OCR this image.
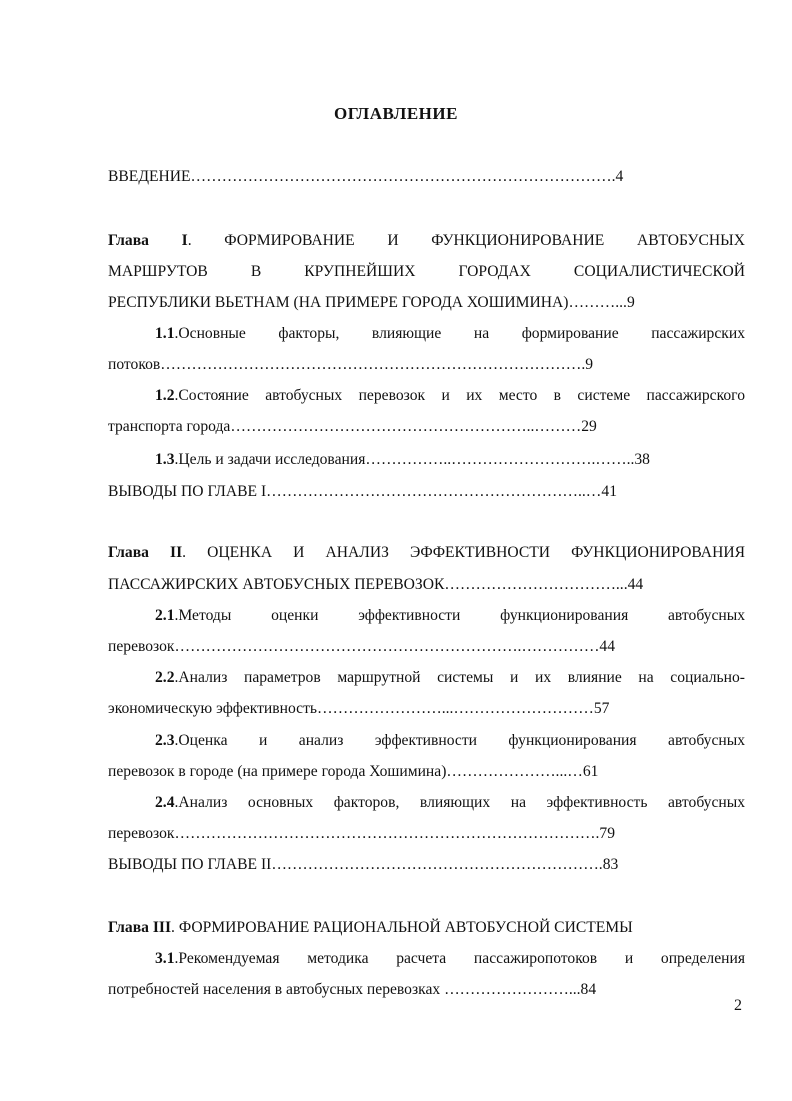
ОГЛАВЛЕНИЕ
ВВЕДЕНИЕ……………………………………………………………………….4
Глава I. ФОРМИРОВАНИЕ И ФУНКЦИОНИРОВАНИЕ АВТОБУСНЫХ
МАРШРУТОВ В КРУПНЕЙШИХ ГОРОДАХ СОЦИАЛИСТИЧЕСКОЙ
РЕСПУБЛИКИ ВЬЕТНАМ (НА ПРИМЕРЕ ГОРОДА ХОШИМИНА)………...9
1.1.Основные факторы, влияющие на формирование пассажирских
потоков……………………………………………………………………….9
1.2.Состояние автобусных перевозок и их место в системе пассажирского
транспорта города…………………………………………………..………29
1.3.Цель и задачи исследования……………..……………………….……..38
ВЫВОДЫ ПО ГЛАВЕ I……………………………………………………..…41
Глава II. ОЦЕНКА И АНАЛИЗ ЭФФЕКТИВНОСТИ ФУНКЦИОНИРОВАНИЯ
ПАССАЖИРСКИХ АВТОБУСНЫХ ПЕРЕВОЗОК……………………………...44
2.1.Методы оценки эффективности функционирования автобусных
перевозок………………………………………………………….……………44
2.2.Анализ параметров маршрутной системы и их влияние на социально-
экономическую эффективность……………………...………………………57
2.3.Оценка и анализ эффективности функционирования автобусных
перевозок в городе (на примере города Хошимина)…………………...…61
2.4.Анализ основных факторов, влияющих на эффективность автобусных
перевозок……………………………………………………………………….79
ВЫВОДЫ ПО ГЛАВЕ II……………………………………………………….83
Глава III. ФОРМИРОВАНИЕ РАЦИОНАЛЬНОЙ АВТОБУСНОЙ СИСТЕМЫ
3.1.Рекомендуемая методика расчета пассажиропотоков и определения
потребностей населения в автобусных перевозках ……………………...84
2
